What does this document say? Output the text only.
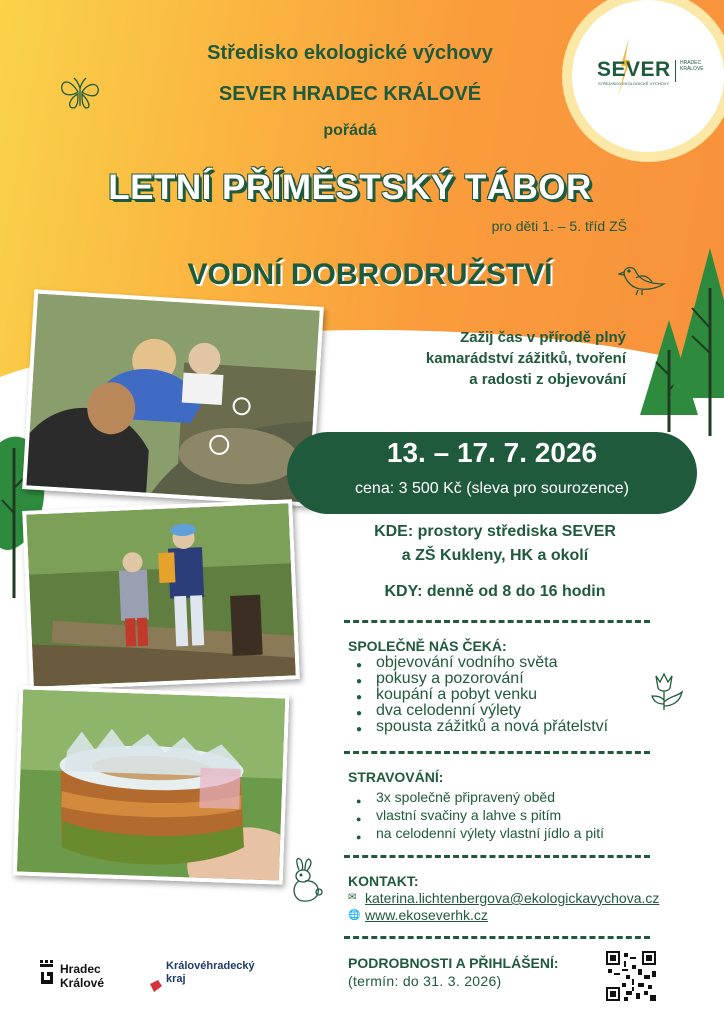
SEVER
STŘEDISKO EKOLOGICKÉ VÝCHOVY
HRADEC
KRÁLOVÉ
Středisko ekologické výchovy
SEVER HRADEC KRÁLOVÉ
pořádá
LETNÍ PŘÍMĚSTSKÝ TÁBOR
pro děti 1. – 5. tříd ZŠ
VODNÍ DOBRODRUŽSTVÍ
Zažij čas v přírodě plný
kamarádství zážitků, tvoření
a radosti z objevování
13. – 17. 7. 2026
cena: 3 500 Kč (sleva pro sourozence)
KDE: prostory střediska SEVER
a ZŠ Kukleny, HK a okolí
KDY: denně od 8 do 16 hodin
SPOLEČNĚ NÁS ČEKÁ:
● objevování vodního světa
● pokusy a pozorování
● koupání a pobyt venku
● dva celodenní výlety
● spousta zážitků a nová přátelství
STRAVOVÁNÍ:
● 3x společně připravený oběd
● vlastní svačiny a lahve s pitím
● na celodenní výlety vlastní jídlo a pití
KONTAKT:
✉ katerina.lichtenbergova@ekologickavychova.cz
🌐 www.ekoseverhk.cz
PODROBNOSTI A PŘIHLÁŠENÍ:
(termín: do 31. 3. 2026)
Hradec
Králové
Královéhradecký
kraj
